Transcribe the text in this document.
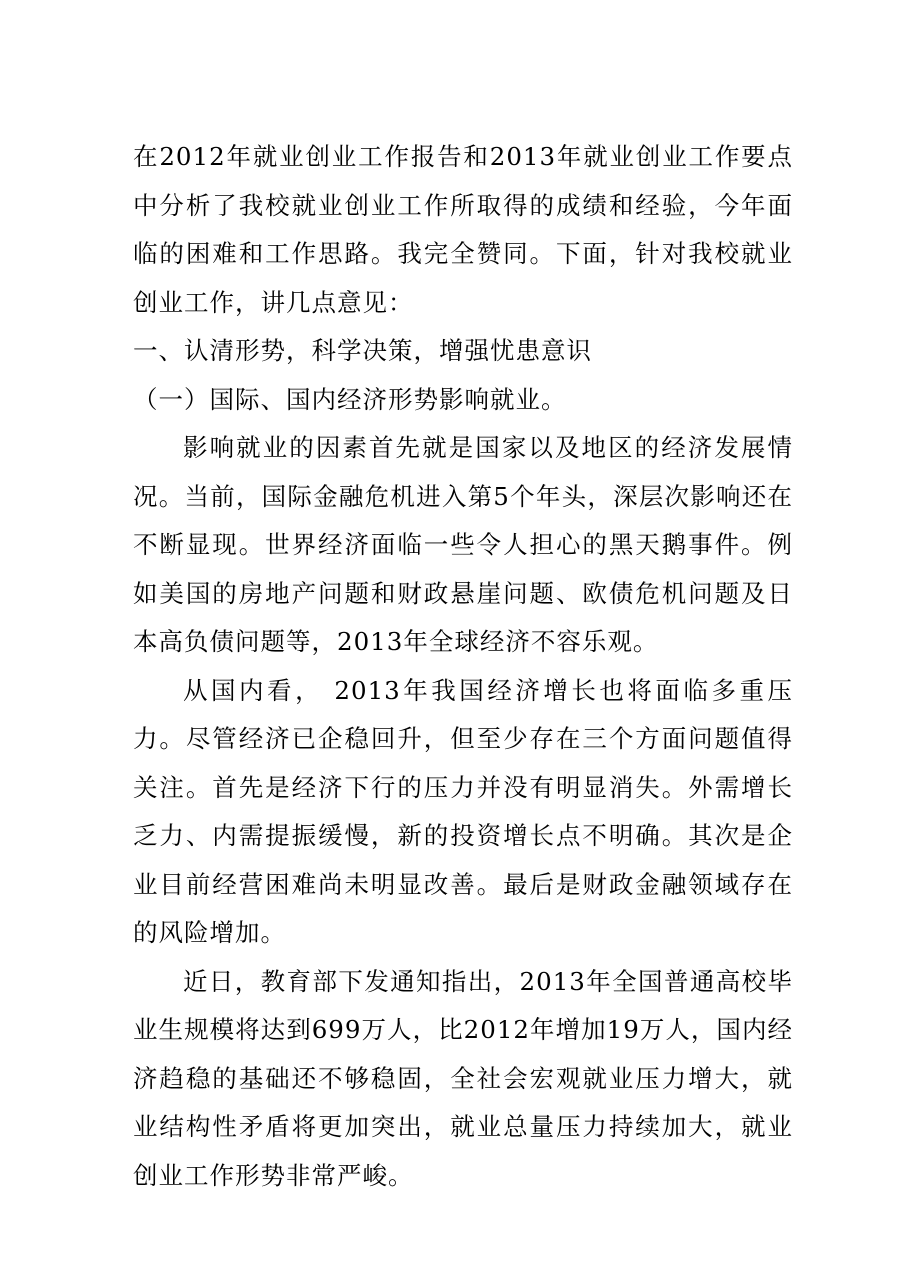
在2012年就业创业工作报告和2013年就业创业工作要点中分析了我校就业创业工作所取得的成绩和经验，今年面临的困难和工作思路。我完全赞同。下面，针对我校就业创业工作，讲几点意见：

一、认清形势，科学决策，增强忧患意识

（一）国际、国内经济形势影响就业。

影响就业的因素首先就是国家以及地区的经济发展情况。当前，国际金融危机进入第5个年头，深层次影响还在不断显现。世界经济面临一些令人担心的黑天鹅事件。例如美国的房地产问题和财政悬崖问题、欧债危机问题及日本高负债问题等，2013年全球经济不容乐观。

从国内看， 2013年我国经济增长也将面临多重压力。尽管经济已企稳回升，但至少存在三个方面问题值得关注。首先是经济下行的压力并没有明显消失。外需增长乏力、内需提振缓慢，新的投资增长点不明确。其次是企业目前经营困难尚未明显改善。最后是财政金融领域存在的风险增加。

近日，教育部下发通知指出，2013年全国普通高校毕业生规模将达到699万人，比2012年增加19万人，国内经济趋稳的基础还不够稳固，全社会宏观就业压力增大，就业结构性矛盾将更加突出，就业总量压力持续加大，就业创业工作形势非常严峻。
